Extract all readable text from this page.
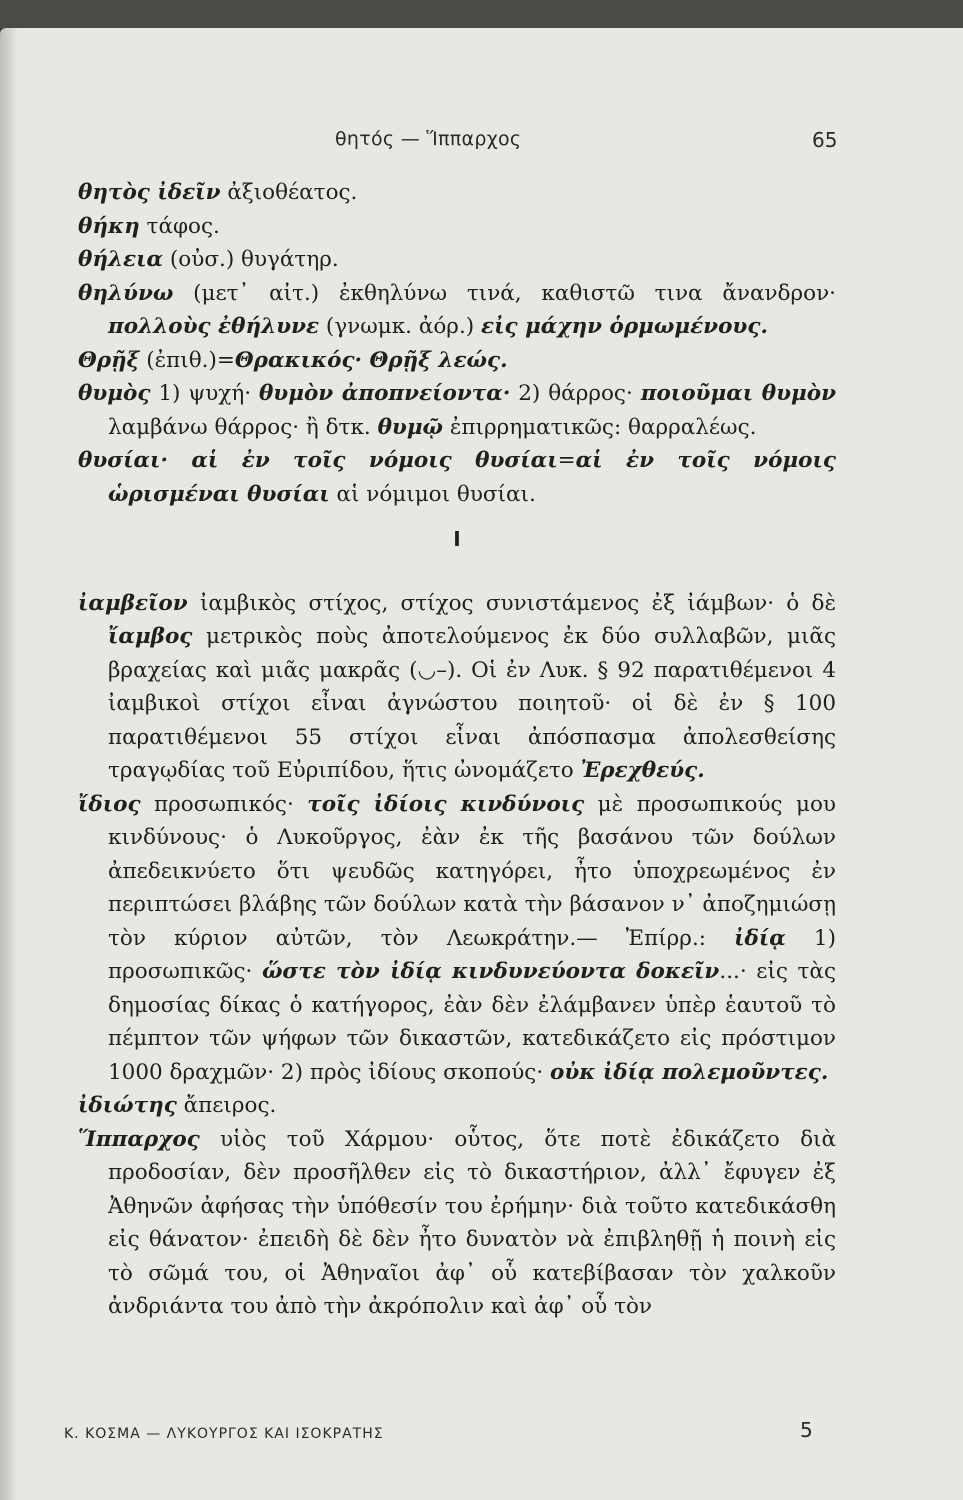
θητός — Ἵππαρχος	65

θητὸς ἰδεῖν ἀξιοθέατος.

θήκη τάφος.

θήλεια (οὐσ.) θυγάτηρ.

θηλύνω (μετ᾿ αἰτ.) ἐκθηλύνω τινά, καθιστῶ τινα ἄνανδρον· πολλοὺς ἐθήλυνε (γνωμκ. ἀόρ.) εἰς μάχην ὁρμωμένους.

Θρῇξ (ἐπιθ.)=Θρακικός· Θρῇξ λεώς.

θυμὸς 1) ψυχή· θυμὸν ἀποπνείοντα· 2) θάρρος· ποιοῦμαι θυμὸν λαμβάνω θάρρος· ἢ δτκ. θυμῷ ἐπιρρηματικῶς: θαρραλέως.

θυσίαι· αἱ ἐν τοῖς νόμοις θυσίαι=αἱ ἐν τοῖς νόμοις ὡρισμέναι θυσίαι αἱ νόμιμοι θυσίαι.

Ι

ἰαμβεῖον ἰαμβικὸς στίχος, στίχος συνιστάμενος ἐξ ἰάμβων· ὁ δὲ ἴαμβος μετρικὸς ποὺς ἀποτελούμενος ἐκ δύο συλλαβῶν, μιᾶς βραχείας καὶ μιᾶς μακρᾶς (◡–). Οἱ ἐν Λυκ. § 92 παρατιθέμενοι 4 ἰαμβικοὶ στίχοι εἶναι ἀγνώστου ποιητοῦ· οἱ δὲ ἐν § 100 παρατιθέμενοι 55 στίχοι εἶναι ἀπόσπασμα ἀπολεσθείσης τραγῳδίας τοῦ Εὐριπίδου, ἥτις ὠνομάζετο Ἐρεχθεύς.

ἴδιος προσωπικός· τοῖς ἰδίοις κινδύνοις μὲ προσωπικούς μου κινδύνους· ὁ Λυκοῦργος, ἐὰν ἐκ τῆς βασάνου τῶν δούλων ἀπεδεικνύετο ὅτι ψευδῶς κατηγόρει, ἦτο ὑποχρεωμένος ἐν περιπτώσει βλάβης τῶν δούλων κατὰ τὴν βάσανον ν᾿ ἀποζημιώσῃ τὸν κύριον αὐτῶν, τὸν Λεωκράτην.— Ἐπίρρ.: ἰδίᾳ 1) προσωπικῶς· ὥστε τὸν ἰδίᾳ κινδυνεύοντα δοκεῖν...· εἰς τὰς δημοσίας δίκας ὁ κατήγορος, ἐὰν δὲν ἐλάμβανεν ὑπὲρ ἑαυτοῦ τὸ πέμπτον τῶν ψήφων τῶν δικαστῶν, κατεδικάζετο εἰς πρόστιμον 1000 δραχμῶν· 2) πρὸς ἰδίους σκοπούς· οὐκ ἰδίᾳ πολεμοῦντες.

ἰδιώτης ἄπειρος.

Ἵππαρχος υἱὸς τοῦ Χάρμου· οὗτος, ὅτε ποτὲ ἐδικάζετο διὰ προδοσίαν, δὲν προσῆλθεν εἰς τὸ δικαστήριον, ἀλλ᾿ ἔφυγεν ἐξ Ἀθηνῶν ἀφήσας τὴν ὑπόθεσίν του ἐρήμην· διὰ τοῦτο κατεδικάσθη εἰς θάνατον· ἐπειδὴ δὲ δὲν ἦτο δυνατὸν νὰ ἐπιβληθῇ ἡ ποινὴ εἰς τὸ σῶμά του, οἱ Ἀθηναῖοι ἀφ᾿ οὗ κατεβίβασαν τὸν χαλκοῦν ἀνδριάντα του ἀπὸ τὴν ἀκρόπολιν καὶ ἀφ᾿ οὗ τὸν

Κ. ΚΟΣΜΑ — ΛΥΚΟΥΡΓΟΣ ΚΑΙ ΙΣΟΚΡΑΤΗΣ	5
